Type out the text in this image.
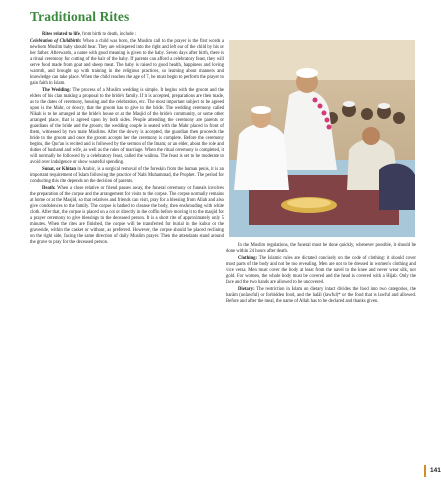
Traditional Rites

Rites related to life, from birth to death, include :

Celebration of Childbirth: When a child was born, the Muslim call to the prayer is the first words a newborn Muslim baby should hear. They are whispered into the right and left ear of the child by his or her father. Afterwards, a name with good meaning is given to the baby. Seven days after birth, there is a ritual ceremony for cutting of the hair of the baby. If parents can afford a celebratory feast, they will serve food made from goat and sheep meat. The baby is raised to good health, happiness and loving warmth, and brought up with training in the religious practices, so learning about manners and knowledge can take place. When the child reaches the age of 7, he must begin to perform the prayer to gain faith in Islam.

The Wedding: The process of a Muslim wedding is simple. It begins with the groom and the elders of his clan making a proposal to the bride's family. If it is accepted, preparations are then made, as to the dates of ceremony, housing and the celebration, etc. The most important subject to be agreed upon is the Mahr, or dowry, that the groom has to give to the bride. The wedding ceremony called Nikah is to be arranged at the bride's house or at the Masjid of the bride's community, or some other arranged place, that is agreed upon by both sides. People attending the ceremony are parents or guardians of the bride and the groom; the wedding couple is seated with the Mahr placed in front of them, witnessed by two male Muslims. After the dowry is accepted, the guardian then proceeds the bride to the groom and once the groom accepts her the ceremony is complete. Before the ceremony begins, the Qur'an is recited and is followed by the sermon of the Imam; or an elder, about the role and duties of husband and wife, as well as the rules of marriage. When the ritual ceremony is completed, it will normally be followed by a celebratory feast, called the walima. The feast is set to be moderate to avoid over indulgence or show wasteful spending.

Sunat, or Khitan in Arabic, is a surgical removal of the foreskin from the human penis, it is an important requirement of Islam following the practice of Nabi Muhammad, the Prophet. The period for conducting this rite depends on the decision of parents.

Death: When a close relative or friend passes away, the funeral ceremony or funeals involves the preparation of the corpse and the arrangement for visits to the corpse. The corpse normally remains at home or at the Masjid, so that relatives and friends can visit, pray for a blessing from Allah and also give condolences to the family. The corpse is bathed to cleanse the body, then enshrouding with white cloth. After that, the corpse is placed on a cot or directly in the coffin before moving it to the masjid for a prayer ceremony to give blessings to the deceased person. It is a short rite of approximately only 5 minutes. When the rites are finished, the corpse will be transferred for burial in the kubur or the graveside, within the casket or without, as preferred. However, the corpse should be placed reclining on the right side, facing the same direction of daily Muslim prayer. Then the attendants stand around the grave to pray for the deceased person.

In the Muslim regulations, the funeral must be done quickly, whenever possible, it should be done within 24 hours after death.

Clothing: The Islamic rules are dictated concisely on the code of clothing: it should cover most parts of the body and not be too revealing. Men are not to be dressed in women's clothing and vice versa. Men must cover the body at least from the navel to the knee and never wear silk, nor gold. For women, the whole body must be covered and the head is covered with a Hijab. Only the face and the two hands are allowed to be uncovered.

Dietary: The restriction in Islam on dietary intact divides the food into two categories, the harâm (unlawful) or forbidden food, and the halâl (lawful)* or the food that is lawful and allowed. Before and after the meal, the name of Allah has to be declared and thanks given.

141
